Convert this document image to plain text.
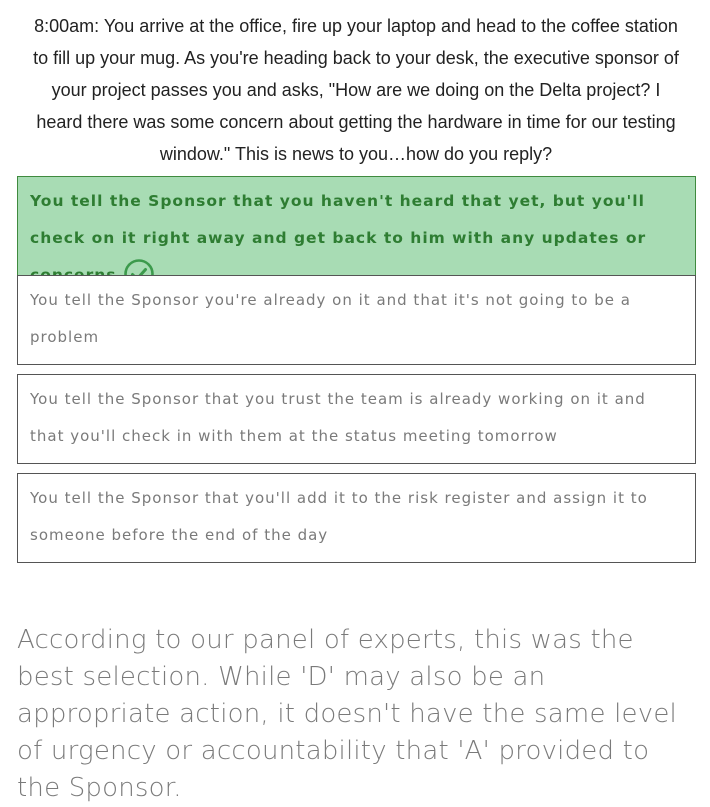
8:00am: You arrive at the office, fire up your laptop and head to the coffee station to fill up your mug. As you're heading back to your desk, the executive sponsor of your project passes you and asks, "How are we doing on the Delta project? I heard there was some concern about getting the hardware in time for our testing window." This is news to you…how do you reply?
You tell the Sponsor that you haven't heard that yet, but you'll check on it right away and get back to him with any updates or
You tell the Sponsor you're already on it and that it's not going to be a problem
You tell the Sponsor that you trust the team is already working on it and that you'll check in with them at the status meeting tomorrow
You tell the Sponsor that you'll add it to the risk register and assign it to someone before the end of the day
According to our panel of experts, this was the best selection. While 'D' may also be an appropriate action, it doesn't have the same level of urgency or accountability that 'A' provided to the Sponsor.
